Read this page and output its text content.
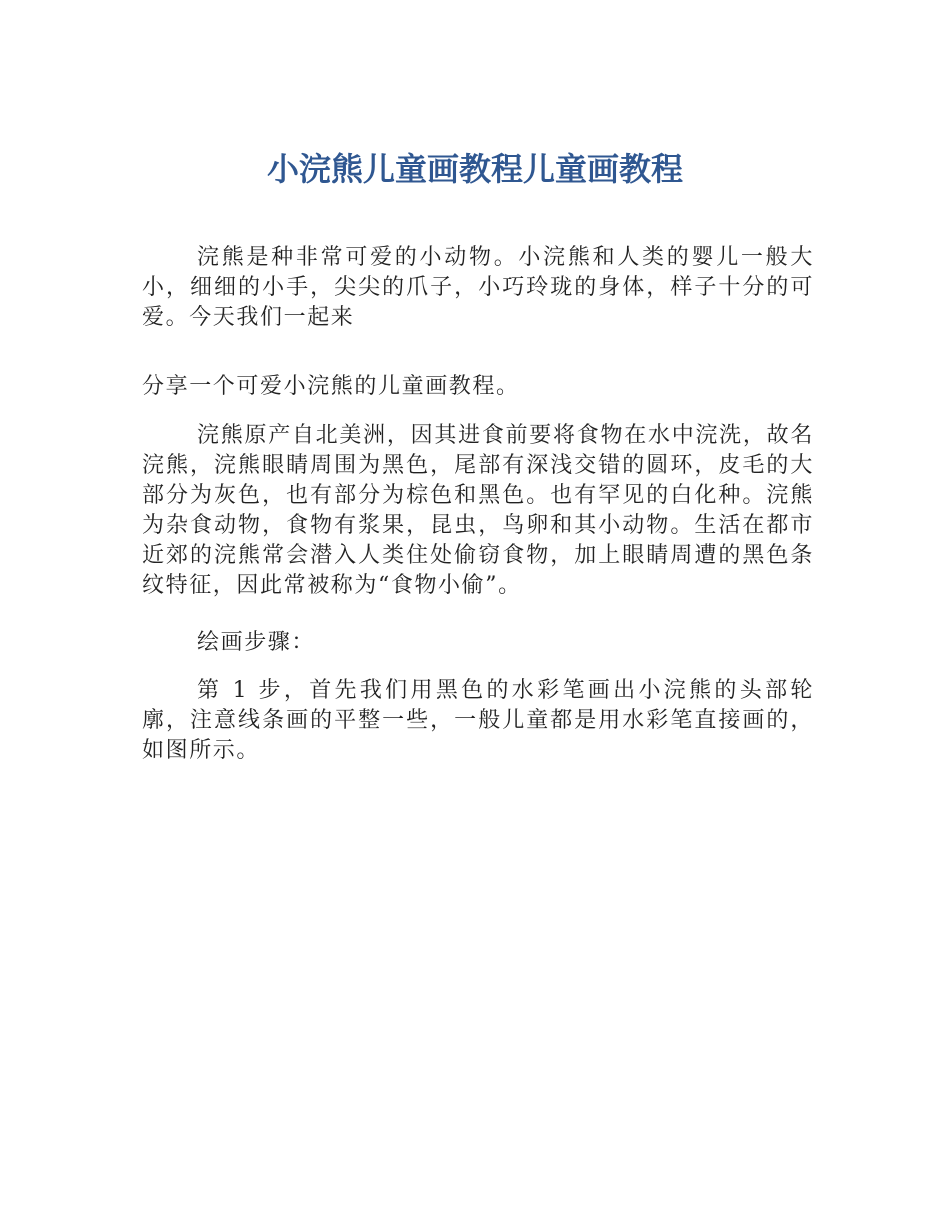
小浣熊儿童画教程儿童画教程

浣熊是种非常可爱的小动物。小浣熊和人类的婴儿一般大小，细细的小手，尖尖的爪子，小巧玲珑的身体，样子十分的可爱。今天我们一起来

分享一个可爱小浣熊的儿童画教程。

浣熊原产自北美洲，因其进食前要将食物在水中浣洗，故名浣熊，浣熊眼睛周围为黑色，尾部有深浅交错的圆环，皮毛的大部分为灰色，也有部分为棕色和黑色。也有罕见的白化种。浣熊为杂食动物，食物有浆果，昆虫，鸟卵和其小动物。生活在都市近郊的浣熊常会潜入人类住处偷窃食物，加上眼睛周遭的黑色条纹特征，因此常被称为“食物小偷”。

绘画步骤：

第 1 步，首先我们用黑色的水彩笔画出小浣熊的头部轮廓，注意线条画的平整一些，一般儿童都是用水彩笔直接画的，如图所示。
